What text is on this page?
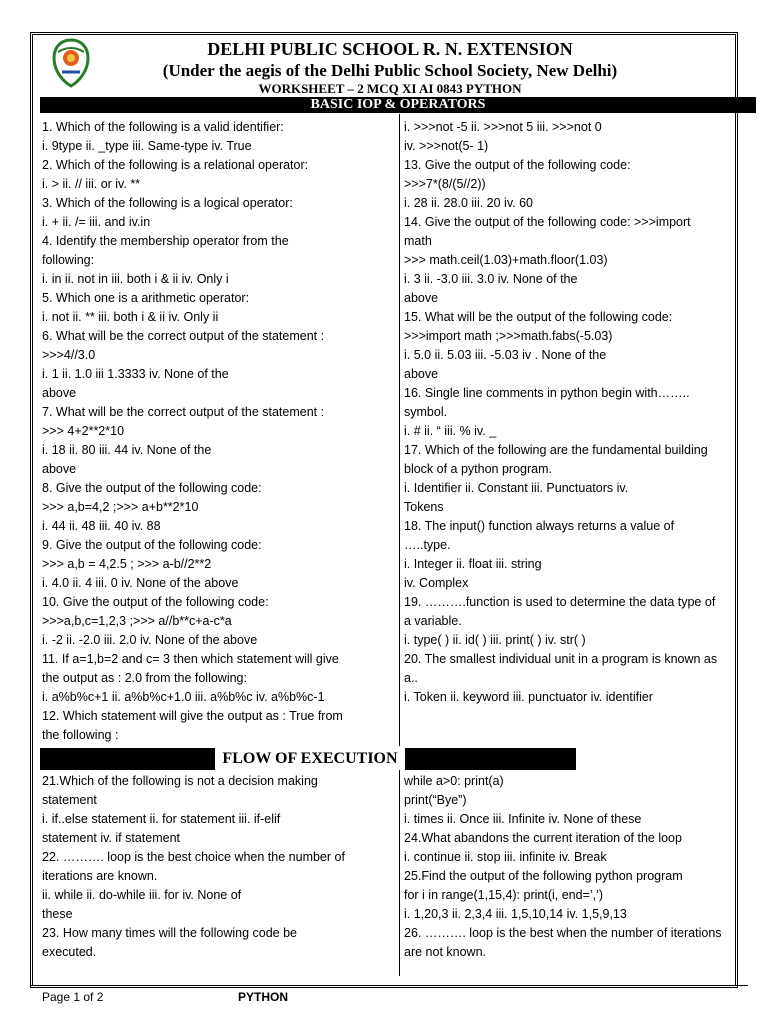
DELHI PUBLIC SCHOOL R. N. EXTENSION
(Under the aegis of the Delhi Public School Society, New Delhi)
WORKSHEET – 2 MCQ XI AI 0843 PYTHON
BASIC IOP & OPERATORS
1. Which of the following is a valid identifier:
i. 9type ii. _type iii. Same-type iv. True
2. Which of the following is a relational operator:
i. > ii. // iii. or iv. **
3. Which of the following is a logical operator:
i. + ii. /= iii. and iv.in
4. Identify the membership operator from the
following:
i. in ii. not in iii. both i & ii iv. Only i
5. Which one is a arithmetic operator:
i. not ii. ** iii. both i & ii iv. Only ii
6. What will be the correct output of the statement :
>>>4//3.0
i. 1 ii. 1.0 iii 1.3333 iv. None of the
above
7. What will be the correct output of the statement :
>>> 4+2**2*10
i. 18 ii. 80 iii. 44 iv. None of the
above
8. Give the output of the following code:
>>> a,b=4,2 ;>>> a+b**2*10
i. 44 ii. 48 iii. 40 iv. 88
9. Give the output of the following code:
>>> a,b = 4,2.5 ; >>> a-b//2**2
i. 4.0 ii. 4 iii. 0 iv. None of the above
10. Give the output of the following code:
>>>a,b,c=1,2,3 ;>>> a//b**c+a-c*a
i. -2 ii. -2.0 iii. 2.0 iv. None of the above
11. If a=1,b=2 and c= 3 then which statement will give
the output as : 2.0 from the following:
i. a%b%c+1 ii. a%b%c+1.0 iii. a%b%c iv. a%b%c-1
12. Which statement will give the output as : True from
the following :
i. >>>not -5 ii. >>>not 5 iii. >>>not 0
iv. >>>not(5- 1)
13. Give the output of the following code:
>>>7*(8/(5//2))
i. 28 ii. 28.0 iii. 20 iv. 60
14. Give the output of the following code: >>>import
math
>>> math.ceil(1.03)+math.floor(1.03)
i. 3 ii. -3.0 iii. 3.0 iv. None of the
above
15. What will be the output of the following code:
>>>import math ;>>>math.fabs(-5.03)
i. 5.0 ii. 5.03 iii. -5.03 iv . None of the
above
16. Single line comments in python begin with……..
symbol.
i. # ii. “ iii. % iv. _
17. Which of the following are the fundamental building
block of a python program.
i. Identifier ii. Constant iii. Punctuators iv.
Tokens
18. The input() function always returns a value of
…..type.
i. Integer ii. float iii. string
iv. Complex
19. ……….function is used to determine the data type of
a variable.
i. type( ) ii. id( ) iii. print( ) iv. str( )
20. The smallest individual unit in a program is known as
a..
i. Token ii. keyword iii. punctuator iv. identifier
FLOW OF EXECUTION
21.Which of the following is not a decision making
statement
i. if..else statement ii. for statement iii. if-elif
statement iv. if statement
22. ………. loop is the best choice when the number of
iterations are known.
ii. while ii. do-while iii. for iv. None of
these
23. How many times will the following code be
executed.
while a>0: print(a)
print(“Bye”)
i. times ii. Once iii. Infinite iv. None of these
24.What abandons the current iteration of the loop
i. continue ii. stop iii. infinite iv. Break
25.Find the output of the following python program
for i in range(1,15,4): print(i, end=’,’)
i. 1,20,3 ii. 2,3,4 iii. 1,5,10,14 iv. 1,5,9,13
26. ………. loop is the best when the number of iterations
are not known.
Page 1 of 2	PYTHON
